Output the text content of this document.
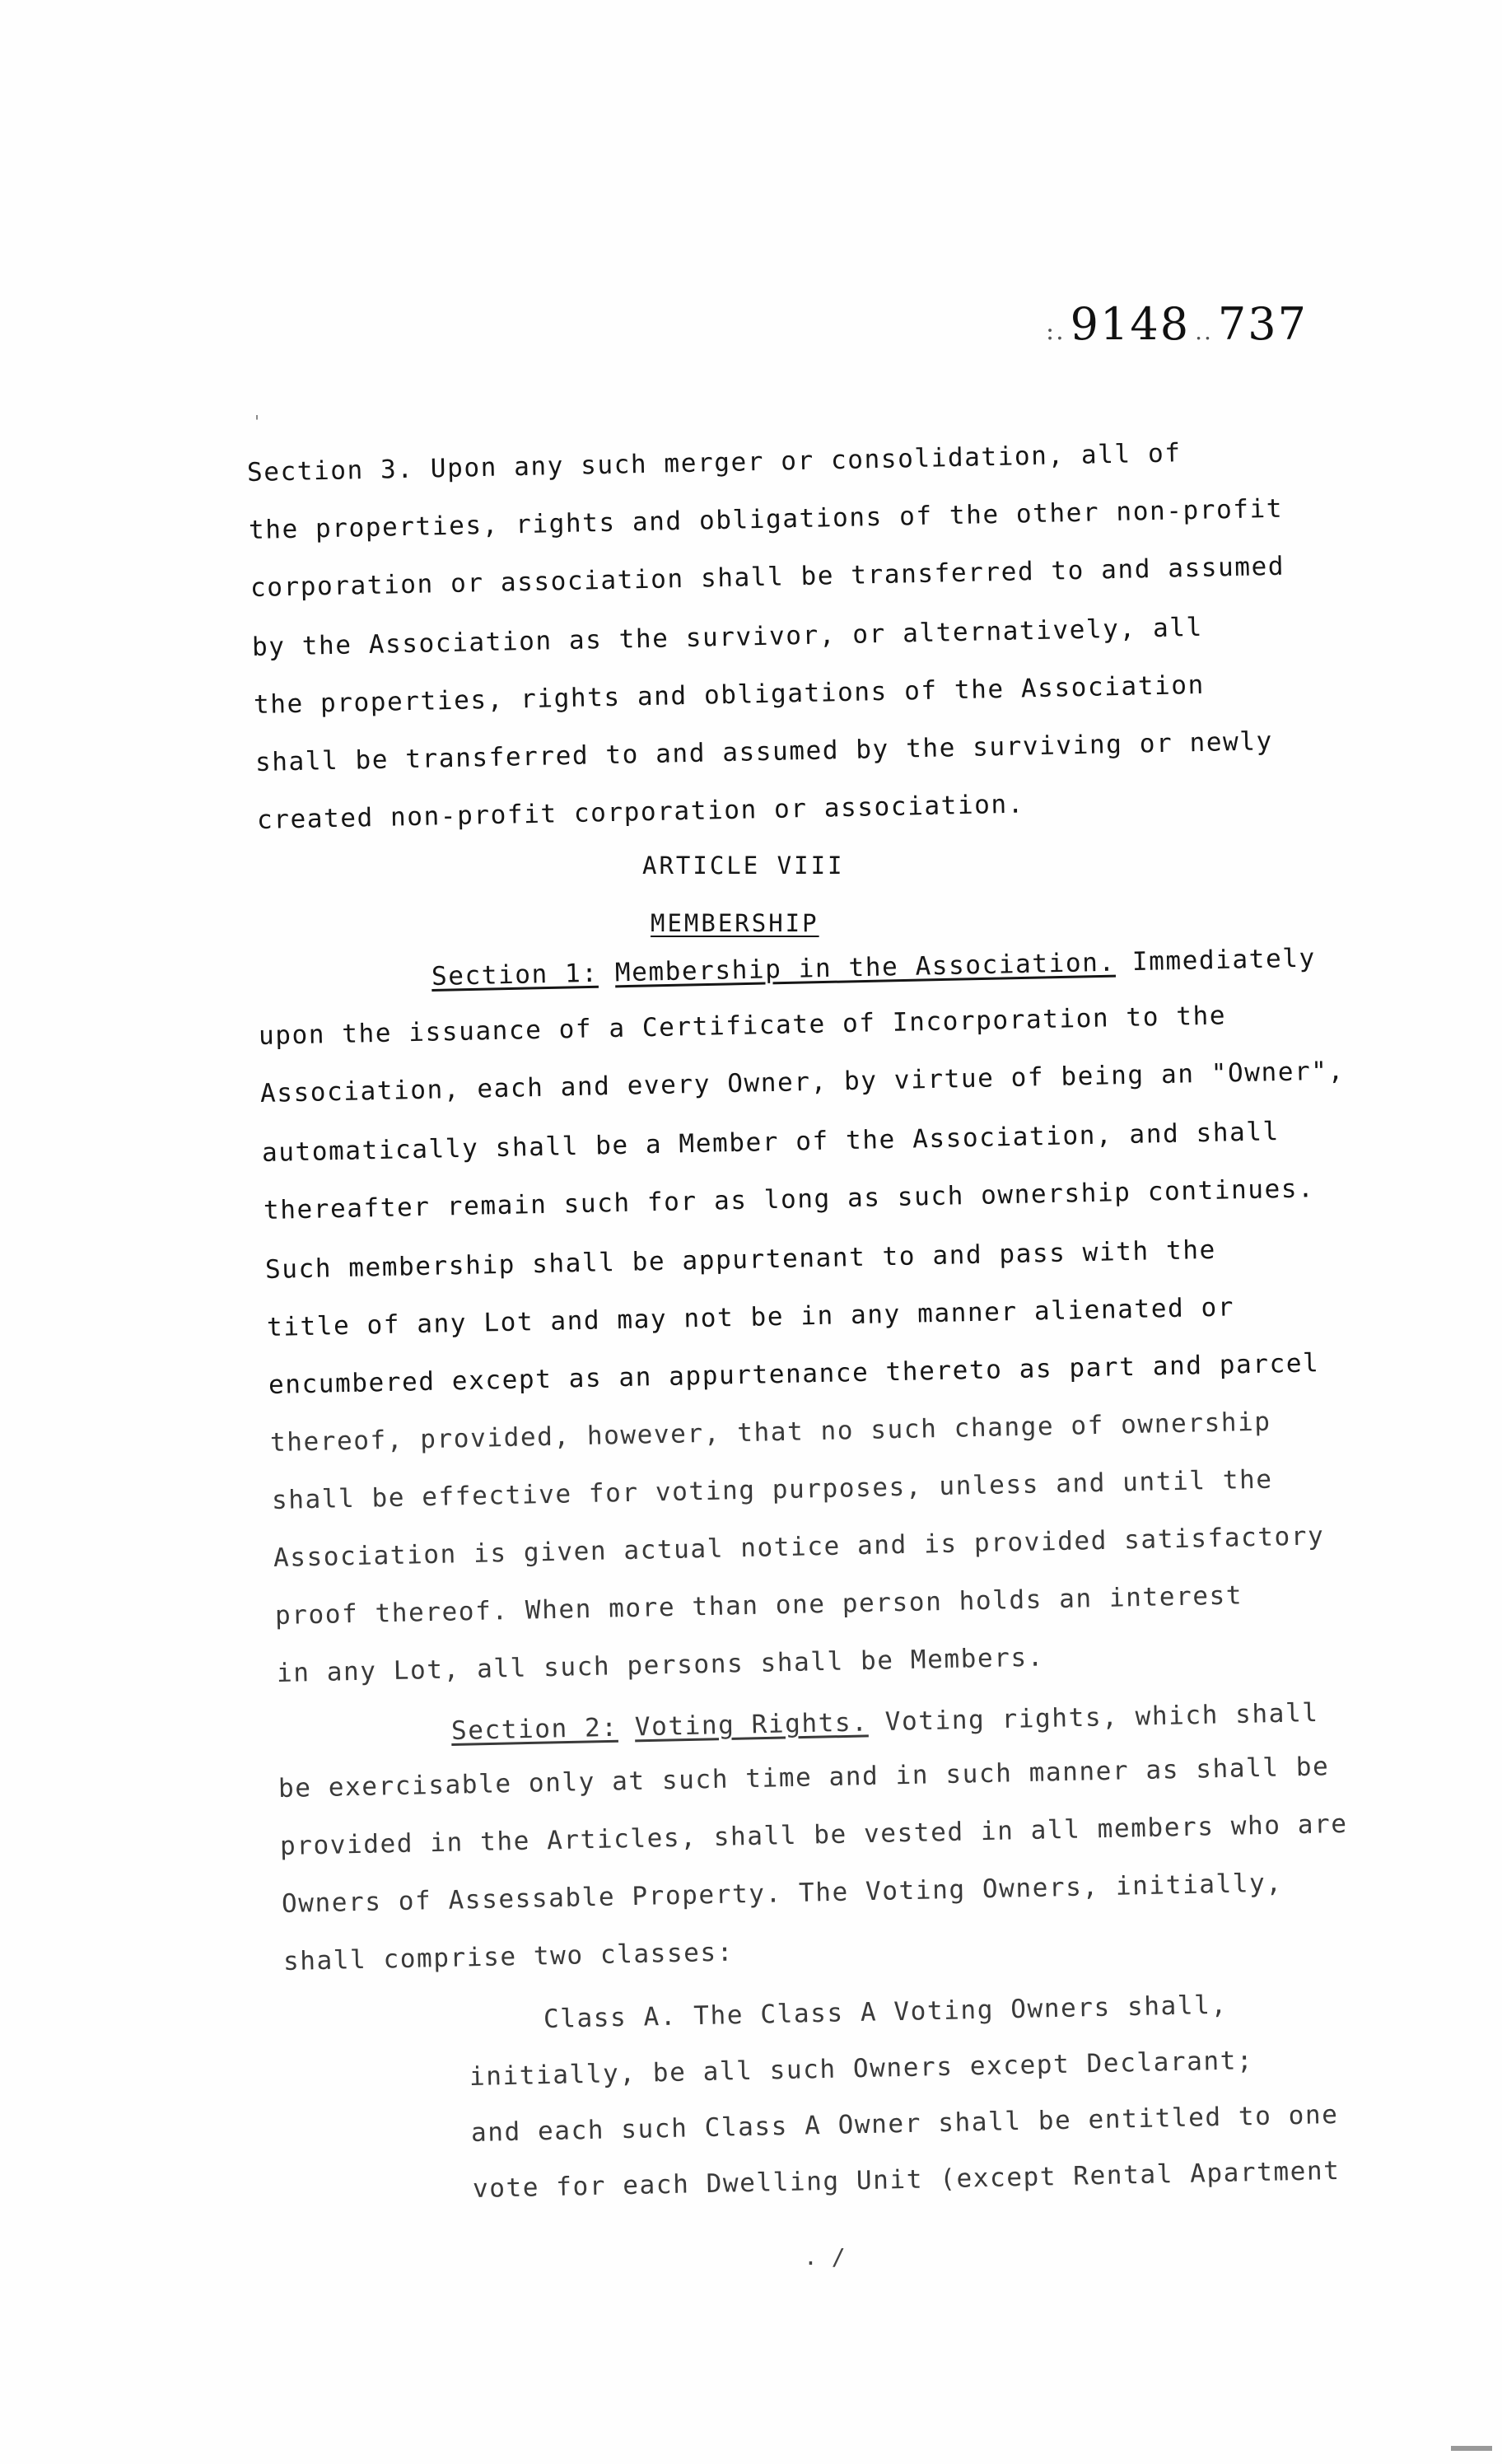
:. 9148 .. 737
'
Section 3. Upon any such merger or consolidation, all of
the properties, rights and obligations of the other non-profit
corporation or association shall be transferred to and assumed
by the Association as the survivor, or alternatively, all
the properties, rights and obligations of the Association
shall be transferred to and assumed by the surviving or newly
created non-profit corporation or association.
ARTICLE VIII
MEMBERSHIP
Section 1: Membership in the Association. Immediately
upon the issuance of a Certificate of Incorporation to the
Association, each and every Owner, by virtue of being an "Owner",
automatically shall be a Member of the Association, and shall
thereafter remain such for as long as such ownership continues.
Such membership shall be appurtenant to and pass with the
title of any Lot and may not be in any manner alienated or
encumbered except as an appurtenance thereto as part and parcel
thereof, provided, however, that no such change of ownership
shall be effective for voting purposes, unless and until the
Association is given actual notice and is provided satisfactory
proof thereof. When more than one person holds an interest
in any Lot, all such persons shall be Members.
Section 2: Voting Rights. Voting rights, which shall
be exercisable only at such time and in such manner as shall be
provided in the Articles, shall be vested in all members who are
Owners of Assessable Property. The Voting Owners, initially,
shall comprise two classes:
Class A. The Class A Voting Owners shall,
initially, be all such Owners except Declarant;
and each such Class A Owner shall be entitled to one
vote for each Dwelling Unit (except Rental Apartment
. /
